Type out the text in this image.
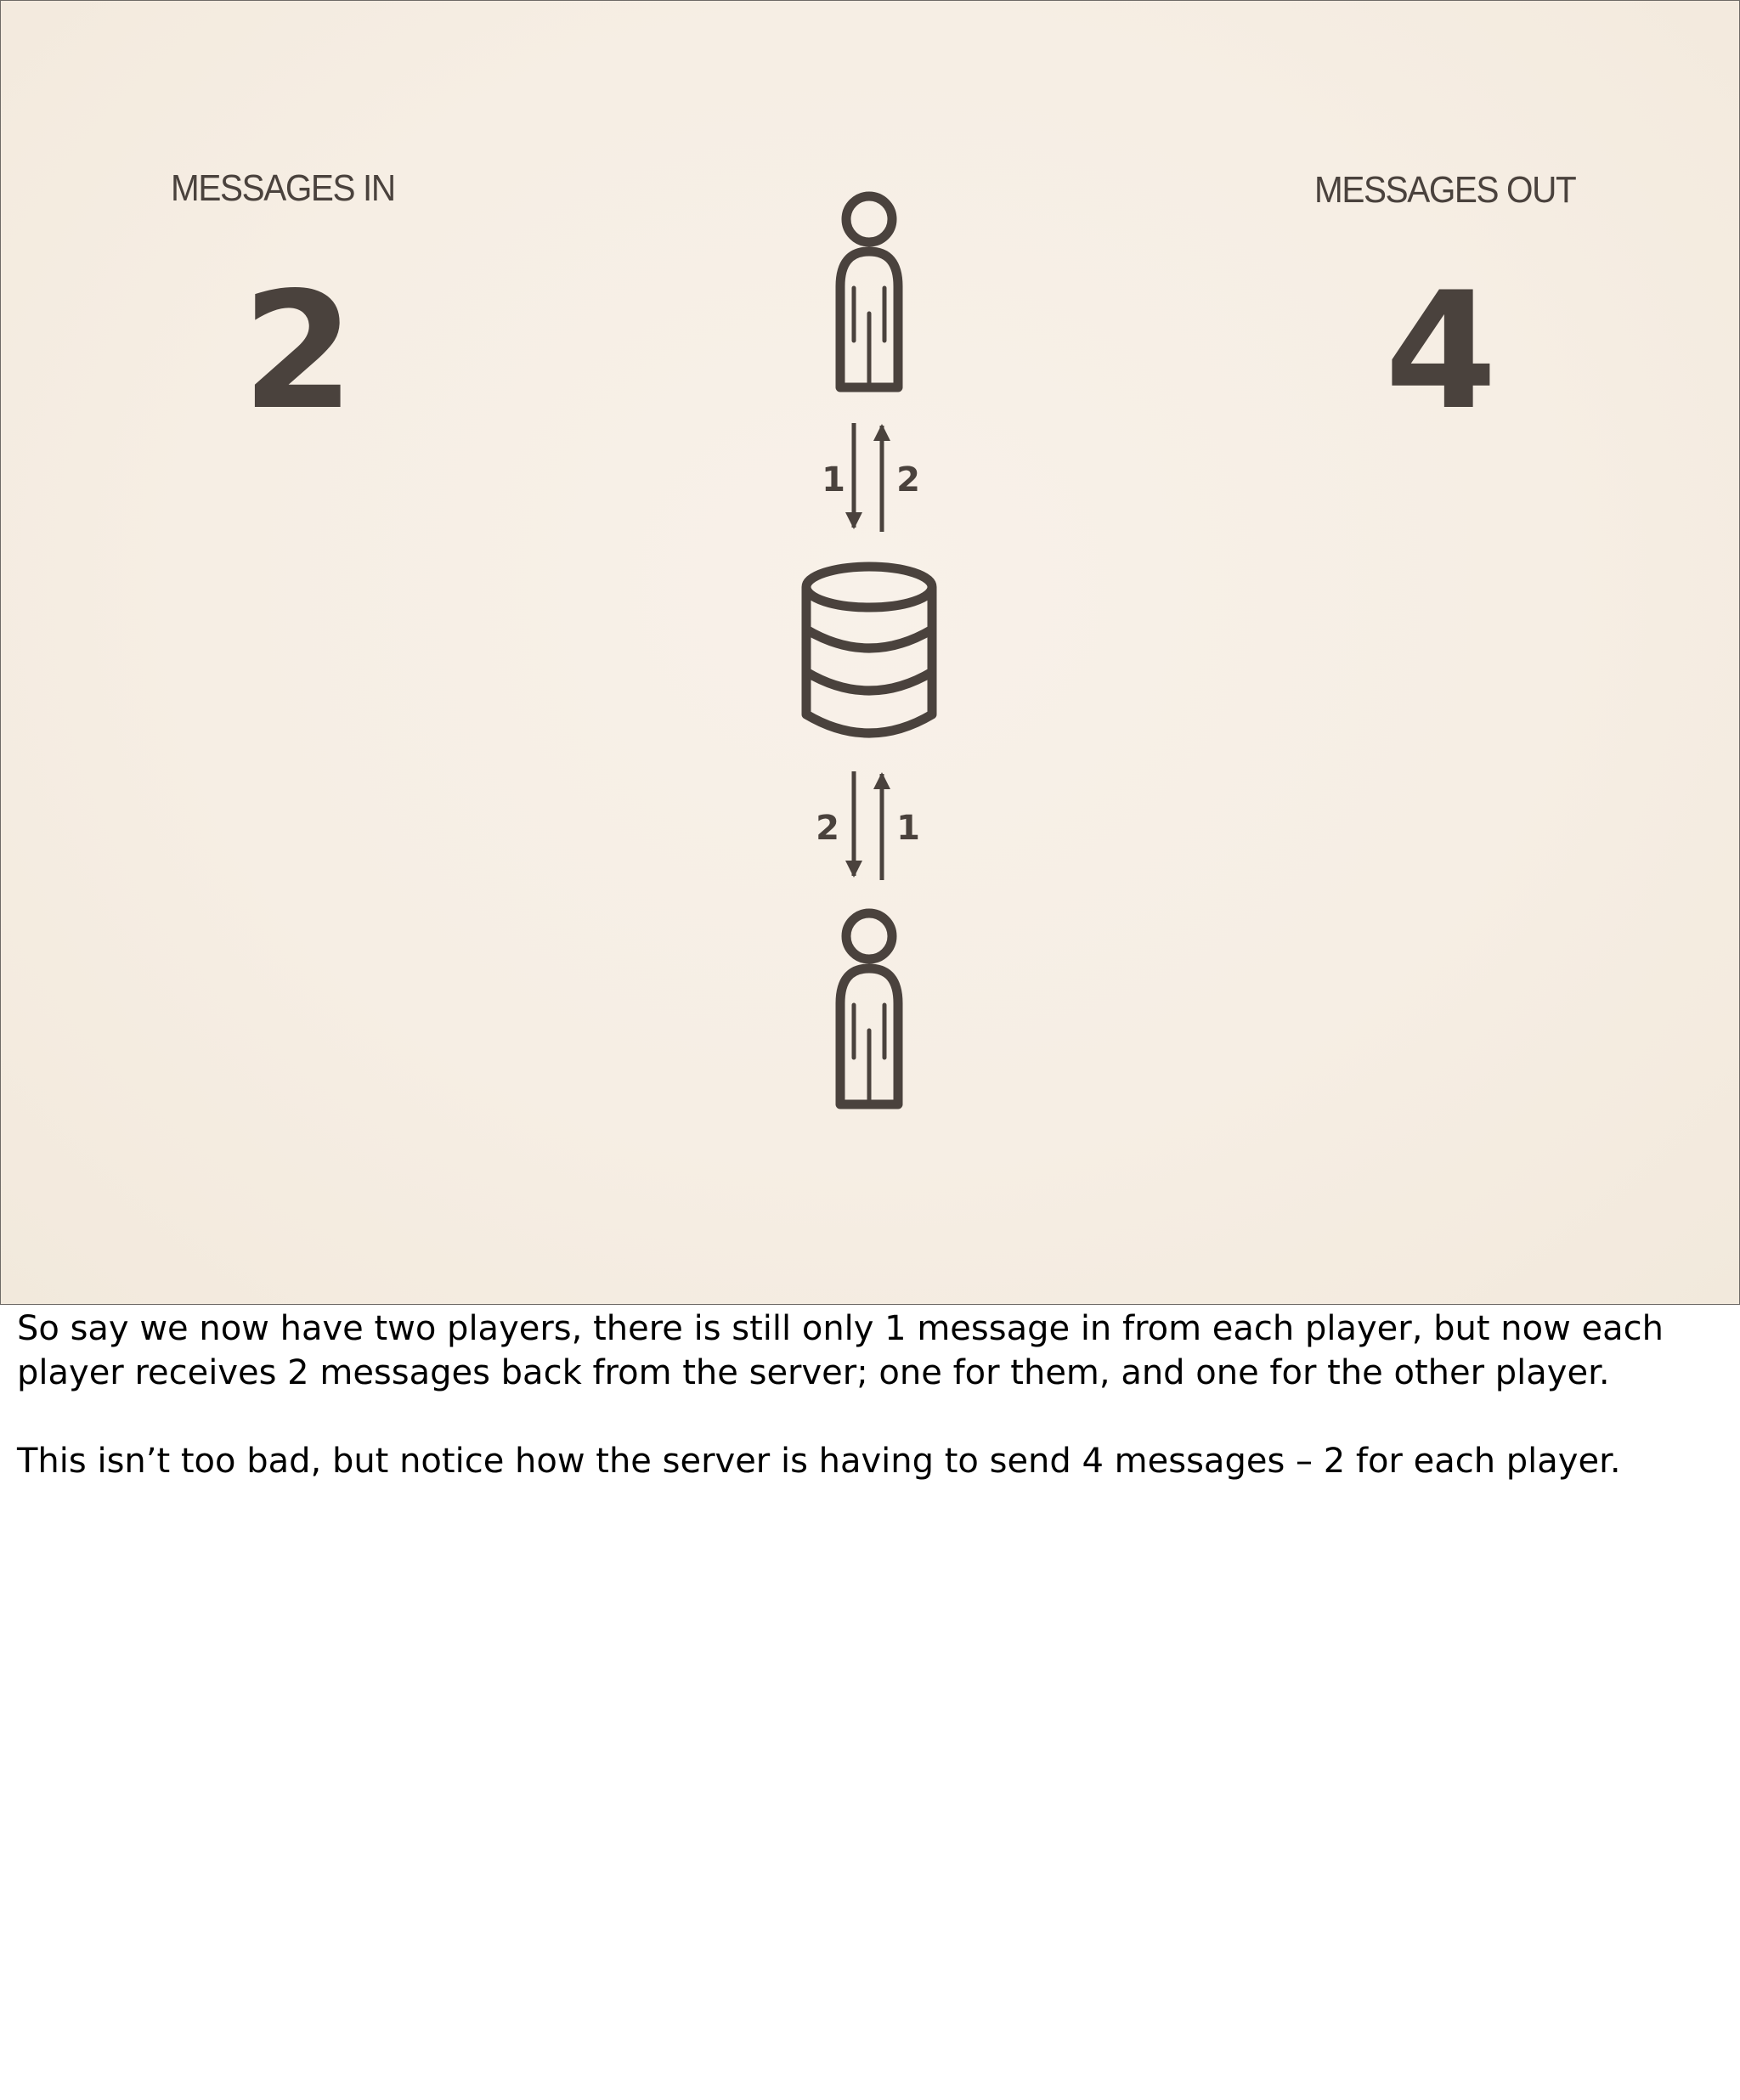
MESSAGES IN
2
MESSAGES OUT
4
1 2
2 1

So say we now have two players, there is still only 1 message in from each player, but now each player receives 2 messages back from the server; one for them, and one for the other player.

This isn’t too bad, but notice how the server is having to send 4 messages – 2 for each player.
